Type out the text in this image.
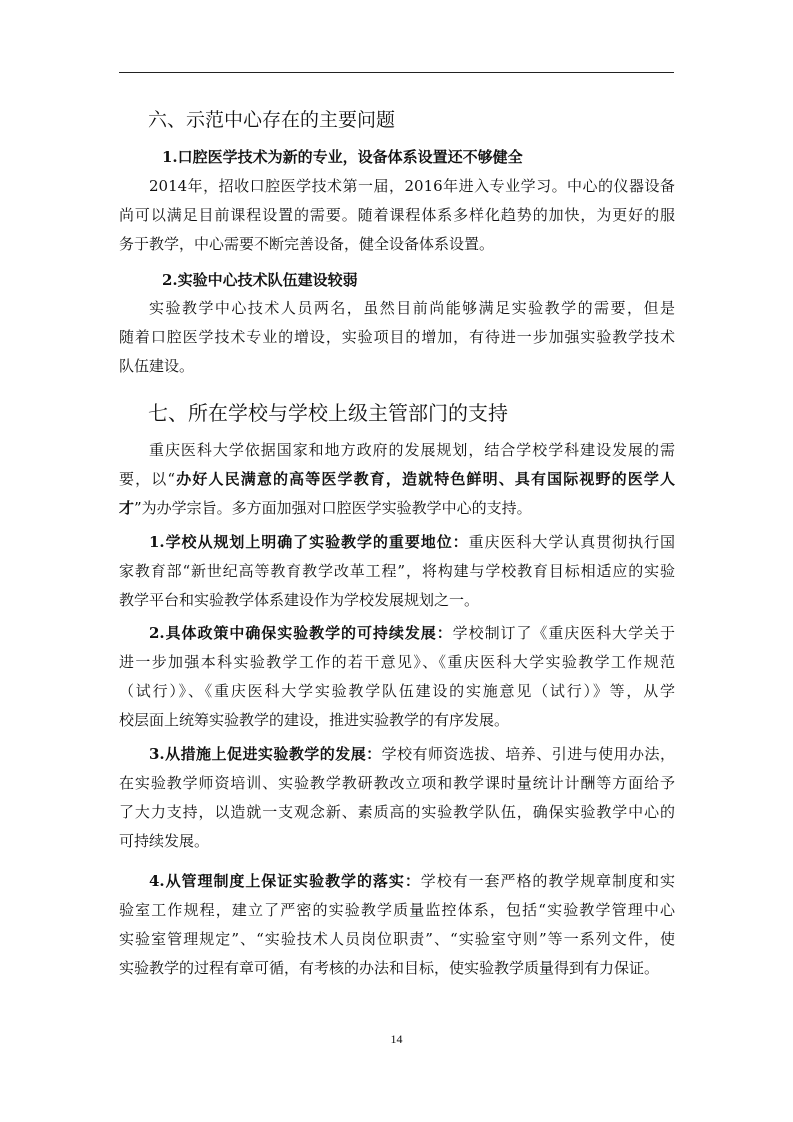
六、示范中心存在的主要问题
1.口腔医学技术为新的专业，设备体系设置还不够健全
2014年，招收口腔医学技术第一届，2016年进入专业学习。中心的仪器设备
尚可以满足目前课程设置的需要。随着课程体系多样化趋势的加快，为更好的服
务于教学，中心需要不断完善设备，健全设备体系设置。
2.实验中心技术队伍建设较弱
实验教学中心技术人员两名，虽然目前尚能够满足实验教学的需要，但是
随着口腔医学技术专业的增设，实验项目的增加，有待进一步加强实验教学技术
队伍建设。
七、所在学校与学校上级主管部门的支持
重庆医科大学依据国家和地方政府的发展规划，结合学校学科建设发展的需
要，以“办好人民满意的高等医学教育，造就特色鲜明、具有国际视野的医学人
才”为办学宗旨。多方面加强对口腔医学实验教学中心的支持。
1.学校从规划上明确了实验教学的重要地位：重庆医科大学认真贯彻执行国
家教育部“新世纪高等教育教学改革工程”，将构建与学校教育目标相适应的实验
教学平台和实验教学体系建设作为学校发展规划之一。
2.具体政策中确保实验教学的可持续发展：学校制订了《重庆医科大学关于
进一步加强本科实验教学工作的若干意见》、《重庆医科大学实验教学工作规范
（试行）》、《重庆医科大学实验教学队伍建设的实施意见（试行）》等，从学
校层面上统筹实验教学的建设，推进实验教学的有序发展。
3.从措施上促进实验教学的发展：学校有师资选拔、培养、引进与使用办法，
在实验教学师资培训、实验教学教研教改立项和教学课时量统计计酬等方面给予
了大力支持，以造就一支观念新、素质高的实验教学队伍，确保实验教学中心的
可持续发展。
4.从管理制度上保证实验教学的落实：学校有一套严格的教学规章制度和实
验室工作规程，建立了严密的实验教学质量监控体系，包括“实验教学管理中心
实验室管理规定”、“实验技术人员岗位职责”、“实验室守则”等一系列文件，使
实验教学的过程有章可循，有考核的办法和目标，使实验教学质量得到有力保证。
14
